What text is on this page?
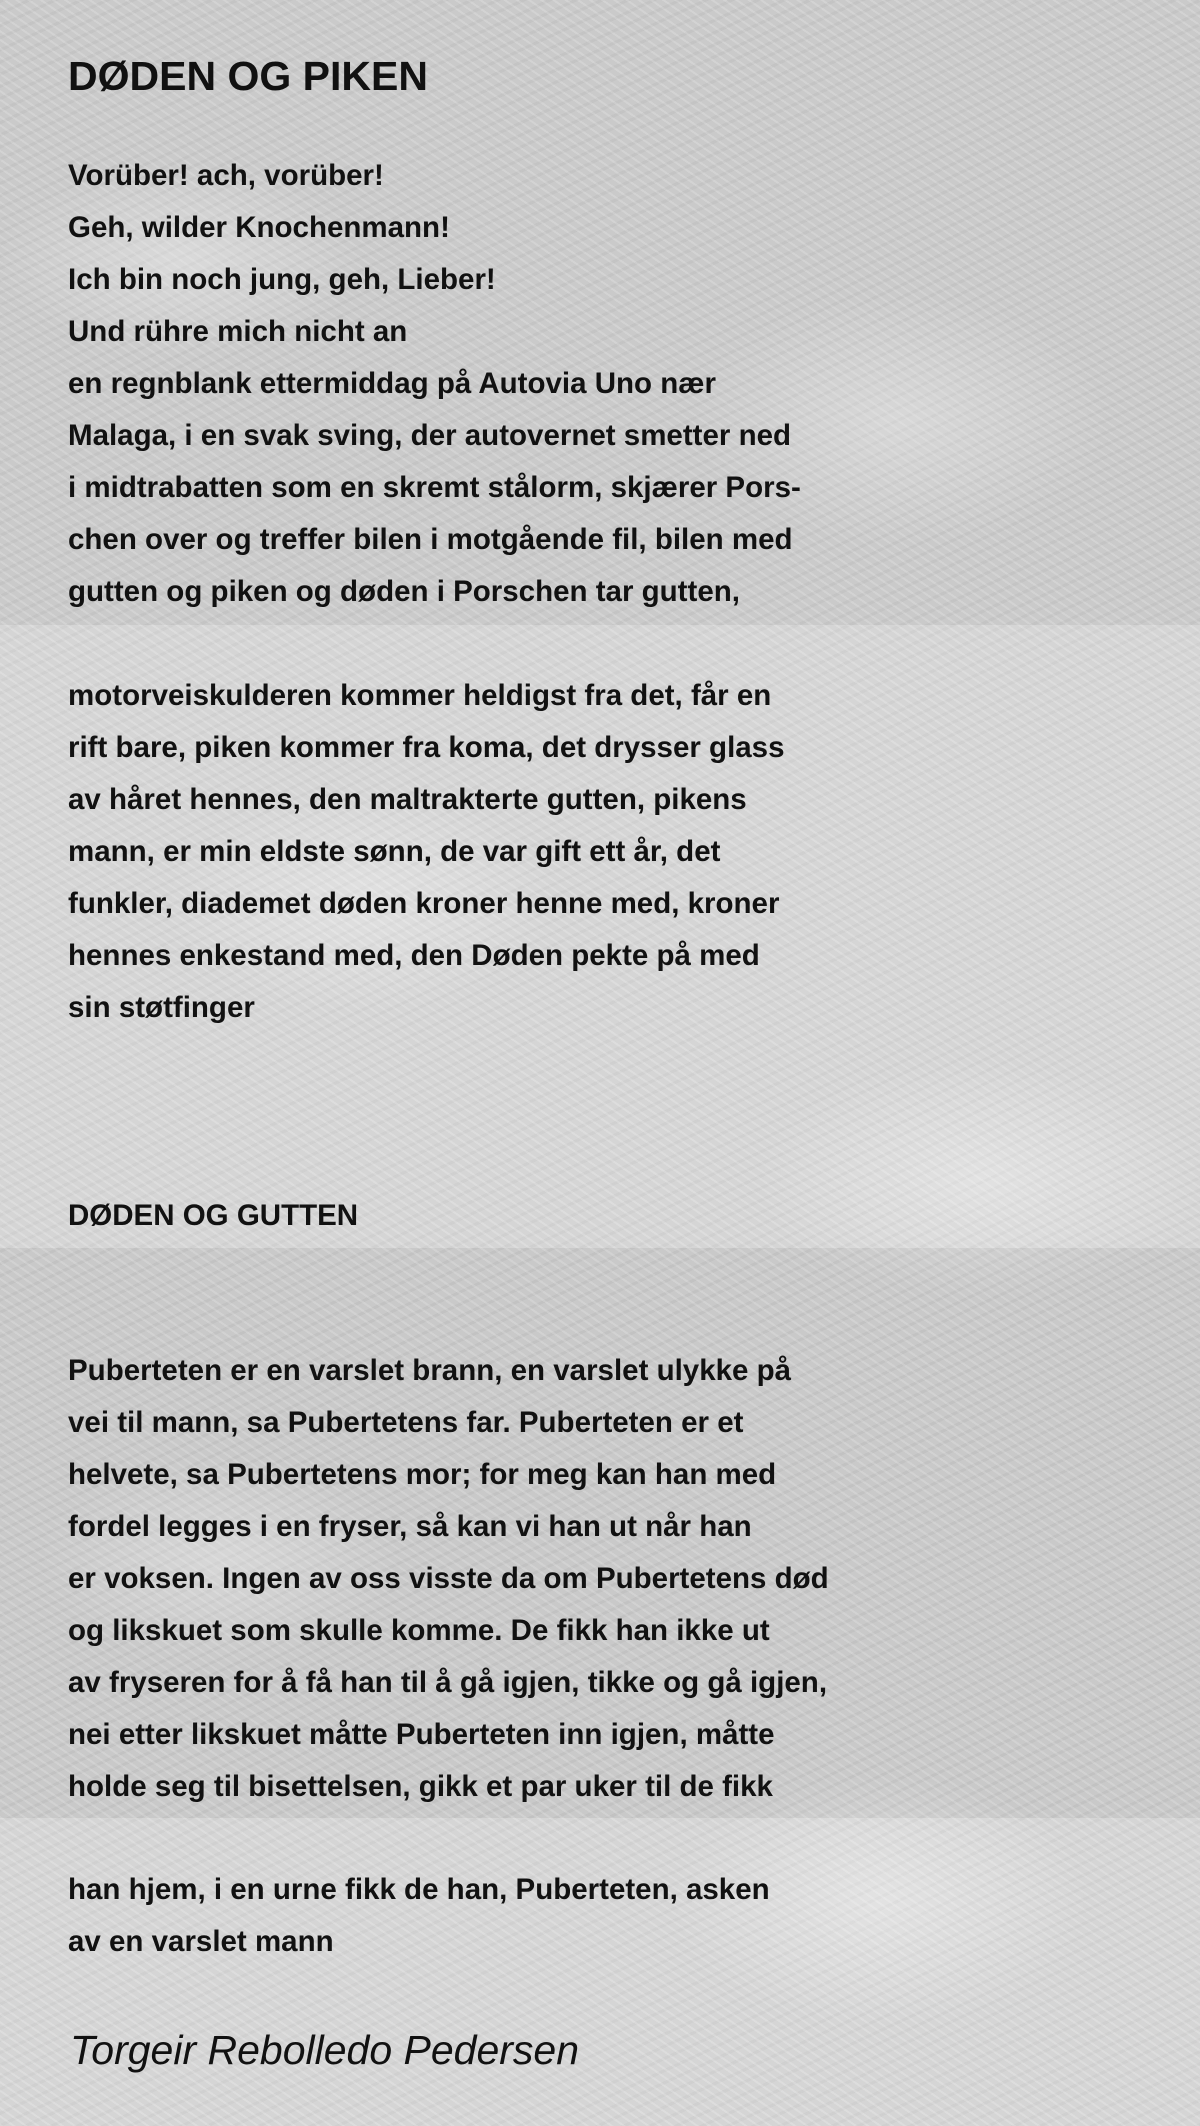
DØDEN OG PIKEN
Vorüber! ach, vorüber!
Geh, wilder Knochenmann!
Ich bin noch jung, geh, Lieber!
Und rühre mich nicht an
en regnblank ettermiddag på Autovia Uno nær
Malaga, i en svak sving, der autovernet smetter ned
i midtrabatten som en skremt stålorm, skjærer Pors-
chen over og treffer bilen i motgående fil, bilen med
gutten og piken og døden i Porschen tar gutten,
motorveiskulderen kommer heldigst fra det, får en
rift bare, piken kommer fra koma, det drysser glass
av håret hennes, den maltrakterte gutten, pikens
mann, er min eldste sønn, de var gift ett år, det
funkler, diademet døden kroner henne med, kroner
hennes enkestand med, den Døden pekte på med
sin støtfinger
DØDEN OG GUTTEN
Puberteten er en varslet brann, en varslet ulykke på
vei til mann, sa Pubertetens far. Puberteten er et
helvete, sa Pubertetens mor; for meg kan han med
fordel legges i en fryser, så kan vi han ut når han
er voksen. Ingen av oss visste da om Pubertetens død
og likskuet som skulle komme. De fikk han ikke ut
av fryseren for å få han til å gå igjen, tikke og gå igjen,
nei etter likskuet måtte Puberteten inn igjen, måtte
holde seg til bisettelsen, gikk et par uker til de fikk
han hjem, i en urne fikk de han, Puberteten, asken
av en varslet mann

Torgeir Rebolledo Pedersen
